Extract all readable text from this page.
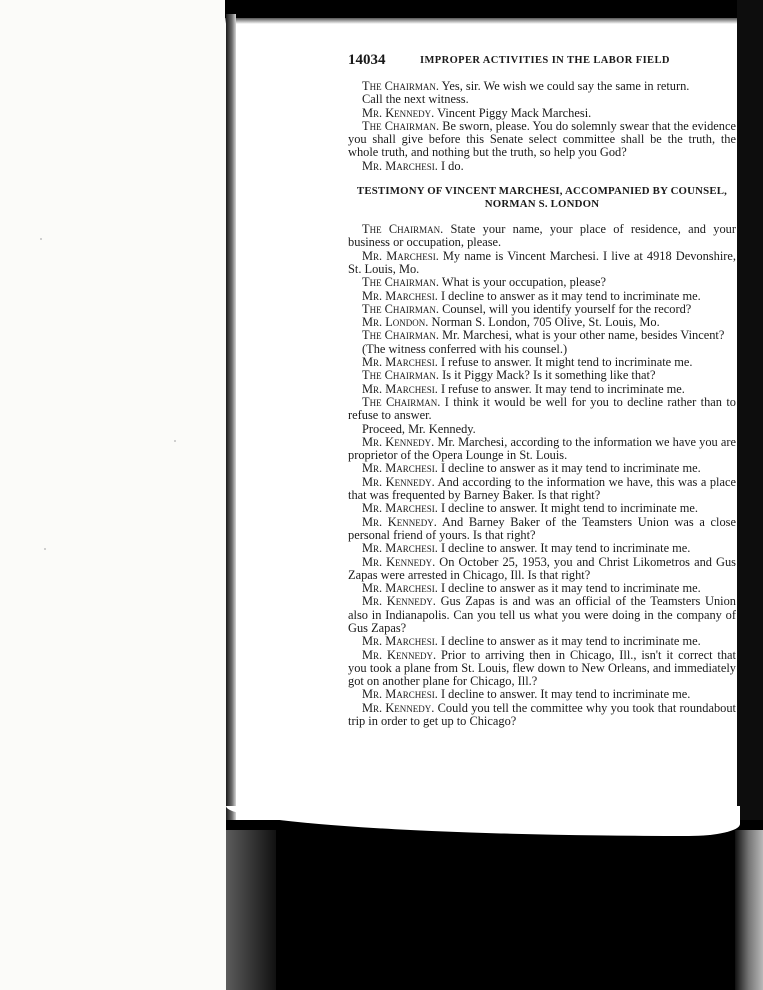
14034	IMPROPER ACTIVITIES IN THE LABOR FIELD

The Chairman. Yes, sir. We wish we could say the same in return.

Call the next witness.

Mr. Kennedy. Vincent Piggy Mack Marchesi.

The Chairman. Be sworn, please. You do solemnly swear that the evidence you shall give before this Senate select committee shall be the truth, the whole truth, and nothing but the truth, so help you God?

Mr. Marchesi. I do.

TESTIMONY OF VINCENT MARCHESI, ACCOMPANIED BY COUNSEL,
NORMAN S. LONDON

The Chairman. State your name, your place of residence, and your business or occupation, please.

Mr. Marchesi. My name is Vincent Marchesi. I live at 4918 Devonshire, St. Louis, Mo.

The Chairman. What is your occupation, please?

Mr. Marchesi. I decline to answer as it may tend to incriminate me.

The Chairman. Counsel, will you identify yourself for the record?

Mr. London. Norman S. London, 705 Olive, St. Louis, Mo.

The Chairman. Mr. Marchesi, what is your other name, besides Vincent?

(The witness conferred with his counsel.)

Mr. Marchesi. I refuse to answer. It might tend to incriminate me.

The Chairman. Is it Piggy Mack? Is it something like that?

Mr. Marchesi. I refuse to answer. It may tend to incriminate me.

The Chairman. I think it would be well for you to decline rather than to refuse to answer.

Proceed, Mr. Kennedy.

Mr. Kennedy. Mr. Marchesi, according to the information we have you are proprietor of the Opera Lounge in St. Louis.

Mr. Marchesi. I decline to answer as it may tend to incriminate me.

Mr. Kennedy. And according to the information we have, this was a place that was frequented by Barney Baker. Is that right?

Mr. Marchesi. I decline to answer. It might tend to incriminate me.

Mr. Kennedy. And Barney Baker of the Teamsters Union was a close personal friend of yours. Is that right?

Mr. Marchesi. I decline to answer. It may tend to incriminate me.

Mr. Kennedy. On October 25, 1953, you and Christ Likometros and Gus Zapas were arrested in Chicago, Ill. Is that right?

Mr. Marchesi. I decline to answer as it may tend to incriminate me.

Mr. Kennedy. Gus Zapas is and was an official of the Teamsters Union also in Indianapolis. Can you tell us what you were doing in the company of Gus Zapas?

Mr. Marchesi. I decline to answer as it may tend to incriminate me.

Mr. Kennedy. Prior to arriving then in Chicago, Ill., isn't it correct that you took a plane from St. Louis, flew down to New Orleans, and immediately got on another plane for Chicago, Ill.?

Mr. Marchesi. I decline to answer. It may tend to incriminate me.

Mr. Kennedy. Could you tell the committee why you took that roundabout trip in order to get up to Chicago?
